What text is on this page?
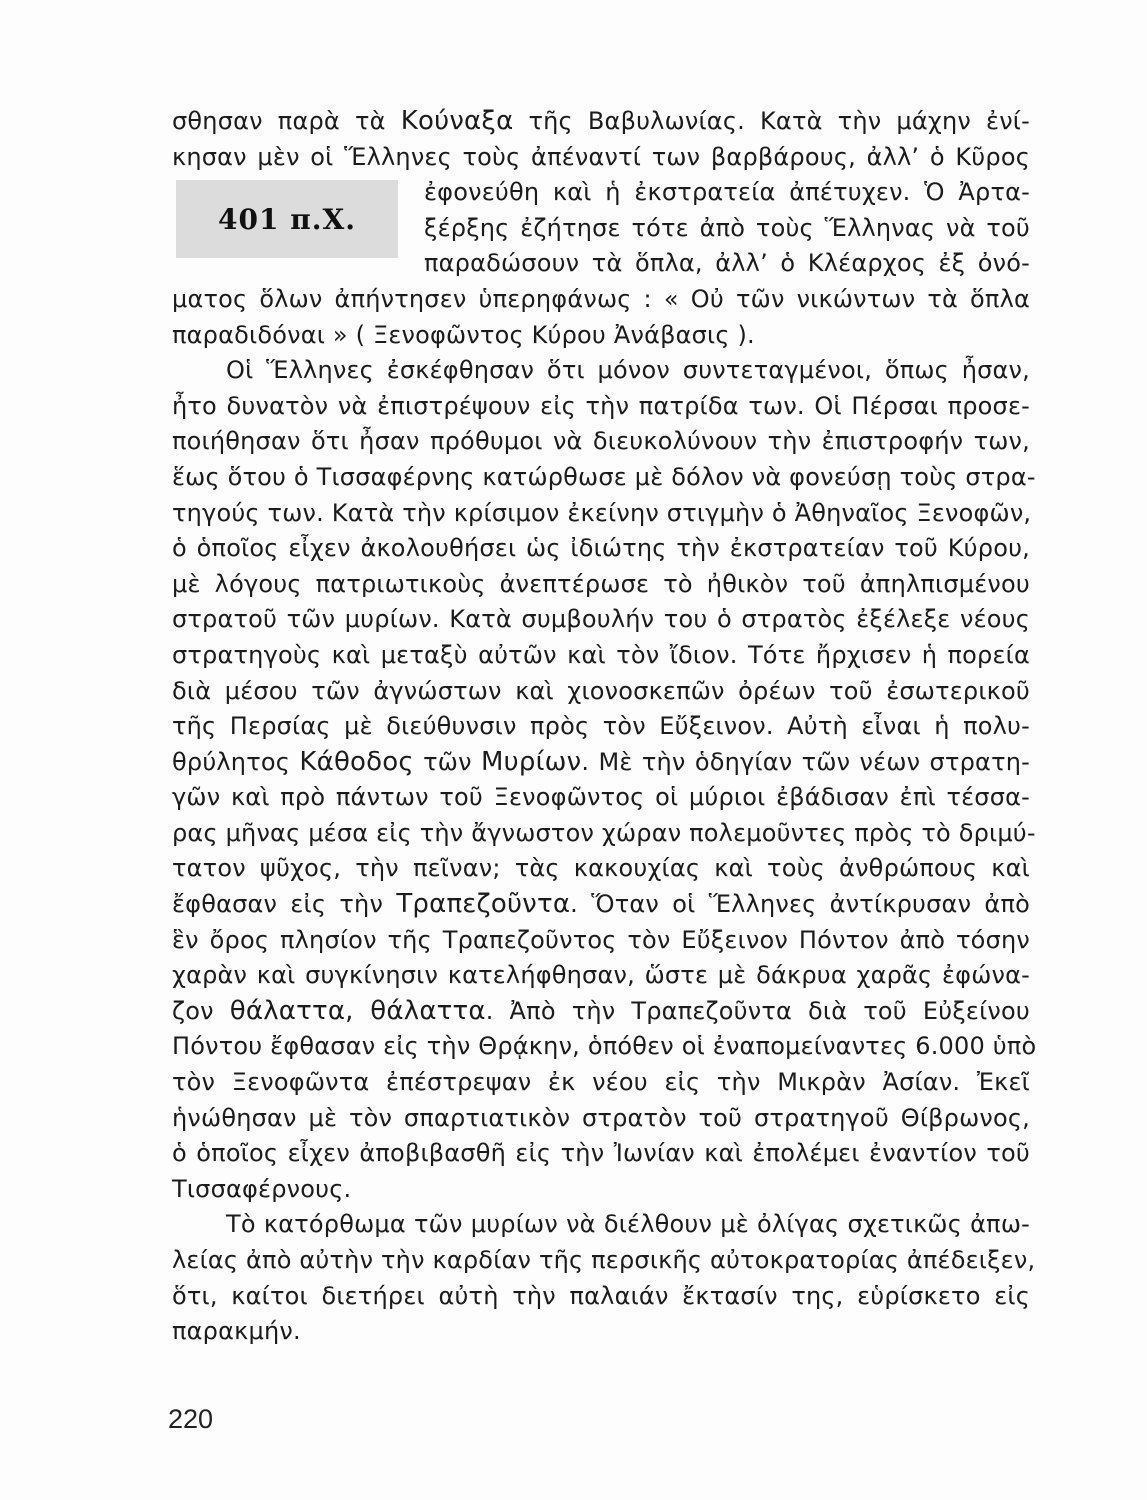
401 π.Χ.
σθησαν παρὰ τὰ Κούναξα τῆς Βαβυλωνίας. Κατὰ τὴν μάχην ἐνί-
κησαν μὲν οἱ Ἕλληνες τοὺς ἀπέναντί των βαρβάρους, ἀλλ’ ὁ Κῦρος
ἐφονεύθη καὶ ἡ ἐκστρατεία ἀπέτυχεν. Ὁ Ἀρτα-
ξέρξης ἐζήτησε τότε ἀπὸ τοὺς Ἕλληνας νὰ τοῦ
παραδώσουν τὰ ὅπλα, ἀλλ’ ὁ Κλέαρχος ἐξ ὀνό-
ματος ὅλων ἀπήντησεν ὑπερηφάνως : « Οὐ τῶν νικώντων τὰ ὅπλα
παραδιδόναι » ( Ξενοφῶντος Κύρου Ἀνάβασις ).
Οἱ Ἕλληνες ἐσκέφθησαν ὅτι μόνον συντεταγμένοι, ὅπως ἦσαν,
ἦτο δυνατὸν νὰ ἐπιστρέψουν εἰς τὴν πατρίδα των. Οἱ Πέρσαι προσε-
ποιήθησαν ὅτι ἦσαν πρόθυμοι νὰ διευκολύνουν τὴν ἐπιστροφήν των,
ἕως ὅτου ὁ Τισσαφέρνης κατώρθωσε μὲ δόλον νὰ φονεύσῃ τοὺς στρα-
τηγούς των. Κατὰ τὴν κρίσιμον ἐκείνην στιγμὴν ὁ Ἀθηναῖος Ξενοφῶν,
ὁ ὁποῖος εἶχεν ἀκολουθήσει ὡς ἰδιώτης τὴν ἐκστρατείαν τοῦ Κύρου,
μὲ λόγους πατριωτικοὺς ἀνεπτέρωσε τὸ ἠθικὸν τοῦ ἀπηλπισμένου
στρατοῦ τῶν μυρίων. Κατὰ συμβουλήν του ὁ στρατὸς ἐξέλεξε νέους
στρατηγοὺς καὶ μεταξὺ αὐτῶν καὶ τὸν ἴδιον. Τότε ἤρχισεν ἡ πορεία
διὰ μέσου τῶν ἀγνώστων καὶ χιονοσκεπῶν ὀρέων τοῦ ἐσωτερικοῦ
τῆς Περσίας μὲ διεύθυνσιν πρὸς τὸν Εὔξεινον. Αὐτὴ εἶναι ἡ πολυ-
θρύλητος Κάθοδος τῶν Μυρίων. Μὲ τὴν ὁδηγίαν τῶν νέων στρατη-
γῶν καὶ πρὸ πάντων τοῦ Ξενοφῶντος οἱ μύριοι ἐβάδισαν ἐπὶ τέσσα-
ρας μῆνας μέσα εἰς τὴν ἄγνωστον χώραν πολεμοῦντες πρὸς τὸ δριμύ-
τατον ψῦχος, τὴν πεῖναν; τὰς κακουχίας καὶ τοὺς ἀνθρώπους καὶ
ἔφθασαν εἰς τὴν Τραπεζοῦντα. Ὅταν οἱ Ἕλληνες ἀντίκρυσαν ἀπὸ
ἓν ὄρος πλησίον τῆς Τραπεζοῦντος τὸν Εὔξεινον Πόντον ἀπὸ τόσην
χαρὰν καὶ συγκίνησιν κατελήφθησαν, ὥστε μὲ δάκρυα χαρᾶς ἐφώνα-
ζον θάλαττα, θάλαττα. Ἀπὸ τὴν Τραπεζοῦντα διὰ τοῦ Εὐξείνου
Πόντου ἔφθασαν εἰς τὴν Θρᾴκην, ὁπόθεν οἱ ἐναπομείναντες 6.000 ὑπὸ
τὸν Ξενοφῶντα ἐπέστρεψαν ἐκ νέου εἰς τὴν Μικρὰν Ἀσίαν. Ἐκεῖ
ἡνώθησαν μὲ τὸν σπαρτιατικὸν στρατὸν τοῦ στρατηγοῦ Θίβρωνος,
ὁ ὁποῖος εἶχεν ἀποβιβασθῆ εἰς τὴν Ἰωνίαν καὶ ἐπολέμει ἐναντίον τοῦ
Τισσαφέρνους.
Τὸ κατόρθωμα τῶν μυρίων νὰ διέλθουν μὲ ὀλίγας σχετικῶς ἀπω-
λείας ἀπὸ αὐτὴν τὴν καρδίαν τῆς περσικῆς αὐτοκρατορίας ἀπέδειξεν,
ὅτι, καίτοι διετήρει αὐτὴ τὴν παλαιάν ἔκτασίν της, εὑρίσκετο εἰς
παρακμήν.
220
